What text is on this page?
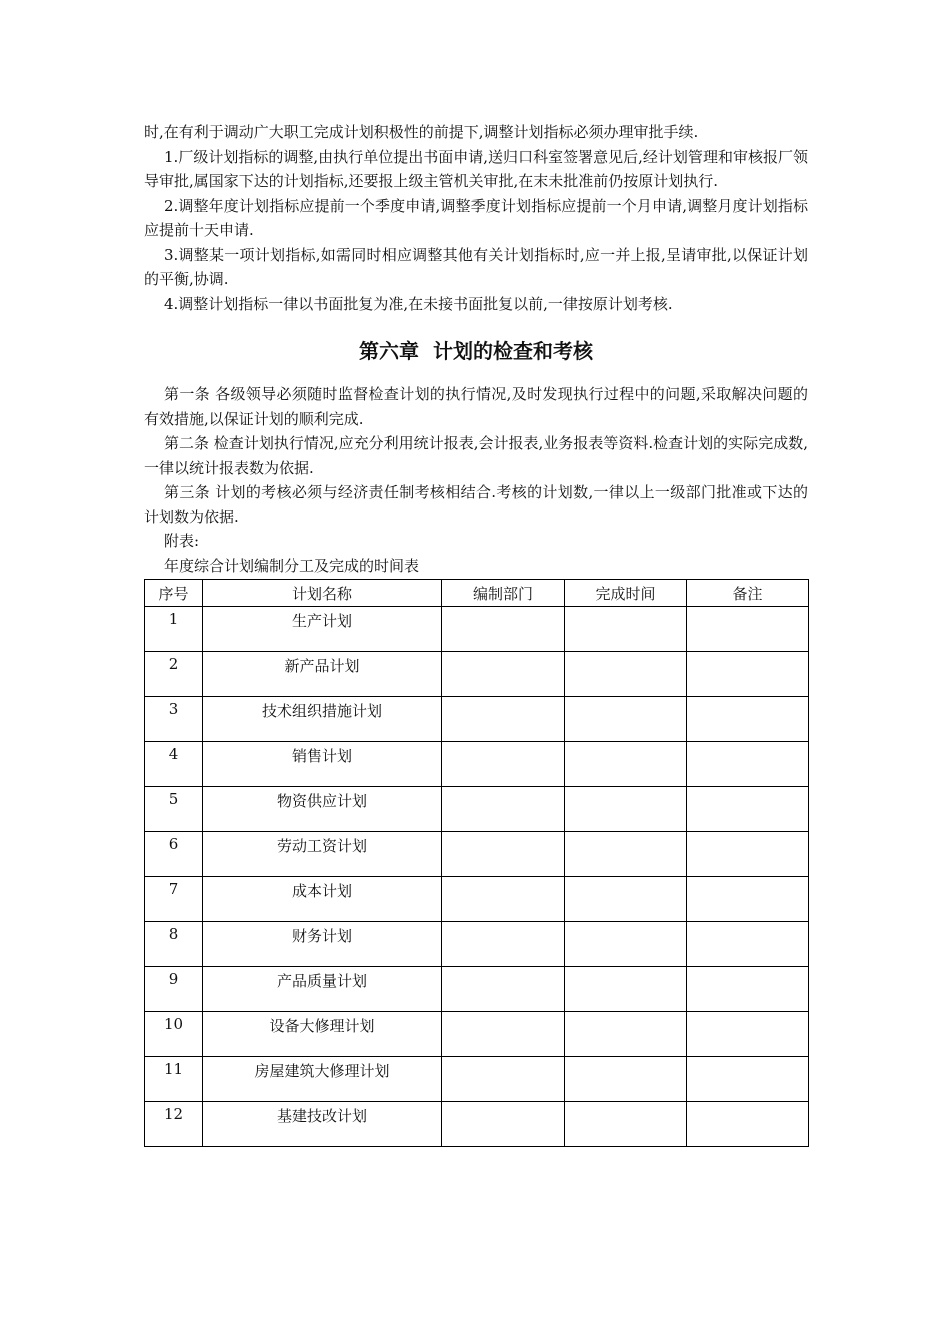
时,在有利于调动广大职工完成计划积极性的前提下,调整计划指标必须办理审批手续.

1.厂级计划指标的调整,由执行单位提出书面申请,送归口科室签署意见后,经计划管理和审核报厂领导审批,属国家下达的计划指标,还要报上级主管机关审批,在末未批准前仍按原计划执行.

2.调整年度计划指标应提前一个季度申请,调整季度计划指标应提前一个月申请,调整月度计划指标应提前十天申请.

3.调整某一项计划指标,如需同时相应调整其他有关计划指标时,应一并上报,呈请审批,以保证计划的平衡,协调.

4.调整计划指标一律以书面批复为准,在未接书面批复以前,一律按原计划考核.

第六章  计划的检查和考核

第一条 各级领导必须随时监督检查计划的执行情况,及时发现执行过程中的问题,采取解决问题的有效措施,以保证计划的顺利完成.

第二条 检查计划执行情况,应充分利用统计报表,会计报表,业务报表等资料.检查计划的实际完成数,一律以统计报表数为依据.

第三条 计划的考核必须与经济责任制考核相结合.考核的计划数,一律以上一级部门批准或下达的计划数为依据.

附表:

年度综合计划编制分工及完成的时间表

序号	计划名称	编制部门	完成时间	备注
1	生产计划			
2	新产品计划			
3	技术组织措施计划			
4	销售计划			
5	物资供应计划			
6	劳动工资计划			
7	成本计划			
8	财务计划			
9	产品质量计划			
10	设备大修理计划			
11	房屋建筑大修理计划			
12	基建技改计划			
